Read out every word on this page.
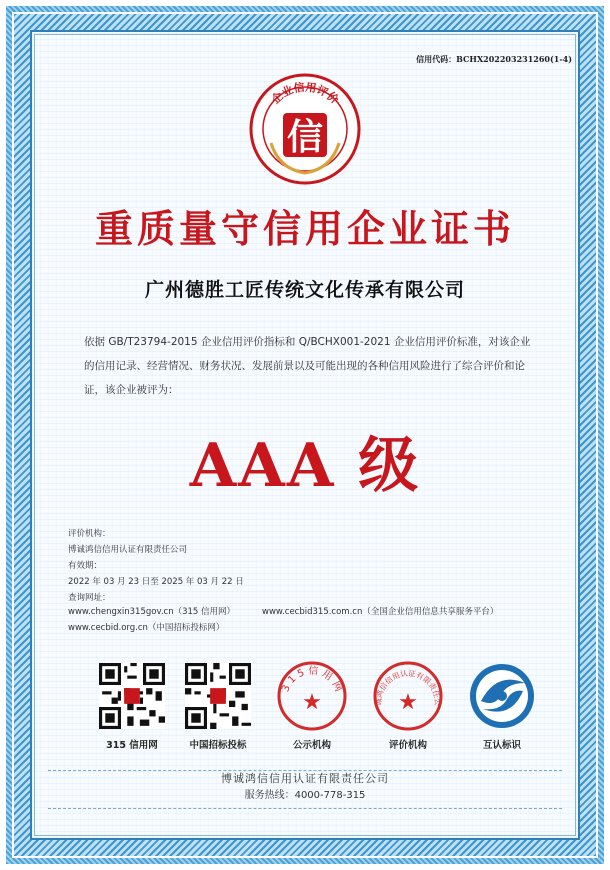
信用代码：BCHX202203231260(1-4)
企业信用评价
信
重质量守信用企业证书
广州德胜工匠传统文化传承有限公司
依据 GB/T23794-2015 企业信用评价指标和 Q/BCHX001-2021 企业信用评价标准，对该企业的信用记录、经营情况、财务状况、发展前景以及可能出现的各种信用风险进行了综合评价和论证，该企业被评为：
AAA 级
评价机构：
博诚鸿信信用认证有限责任公司
有效期：
2022 年 03 月 23 日至 2025 年 03 月 22 日
查询网址：
www.chengxin315gov.cn（315 信用网）	www.cecbid315.com.cn（全国企业信用信息共享服务平台）
www.cecbid.org.cn（中国招标投标网）
315 信用网	中国招标投标
3 1 5 信 用 网
★
公示机构
诚鸿信信用认证有限责任公
★
评价机构	互认标识
博诚鸿信信用认证有限责任公司
服务热线：4000-778-315
